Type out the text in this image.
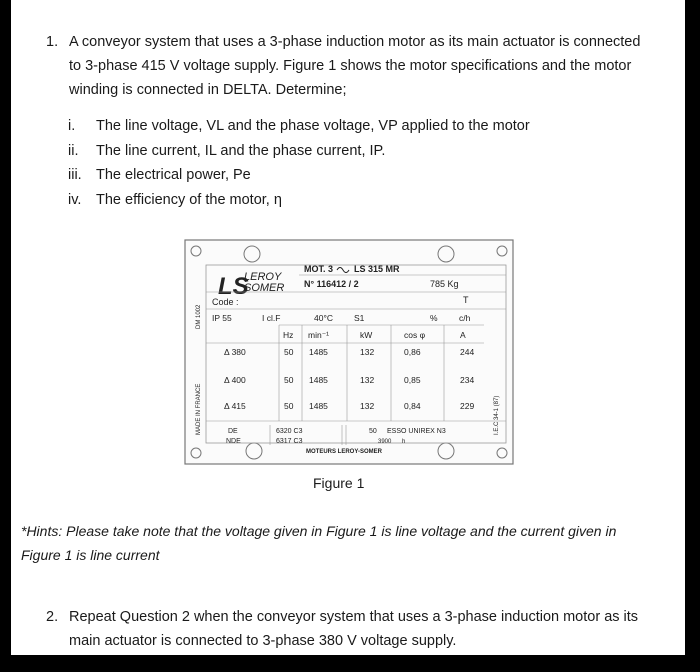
1. A conveyor system that uses a 3-phase induction motor as its main actuator is connected to 3-phase 415 V voltage supply. Figure 1 shows the motor specifications and the motor winding is connected in DELTA. Determine;
i.	The line voltage, VL and the phase voltage, VP applied to the motor
ii.	The line current, IL and the phase current, IP.
iii. The electrical power, Pe
iv.	The efficiency of the motor, η
LS
LEROY
SOMER
MOT. 3 LS 315 MR
N° 116412 / 2	785 Kg
Code :	T
IP 55	I cl.F	40°C S1	%	c/h
Hz min⁻¹	kW	cos φ	A
Δ 380	50 1485	132	0,86	244
Δ 400	50 1485	132	0,85	234
Δ 415	50 1485	132	0,84	229
DE
NDE
6320 C3
6317 C3
50 ESSO UNIREX N3
3900 h
MOTEURS LEROY-SOMER
DM 1002
MADE IN FRANCE	I.E.C 34-1 (87)
Figure 1
*Hints: Please take note that the voltage given in Figure 1 is line voltage and the current given in Figure 1 is line current
2. Repeat Question 2 when the conveyor system that uses a 3-phase induction motor as its main actuator is connected to 3-phase 380 V voltage supply.
